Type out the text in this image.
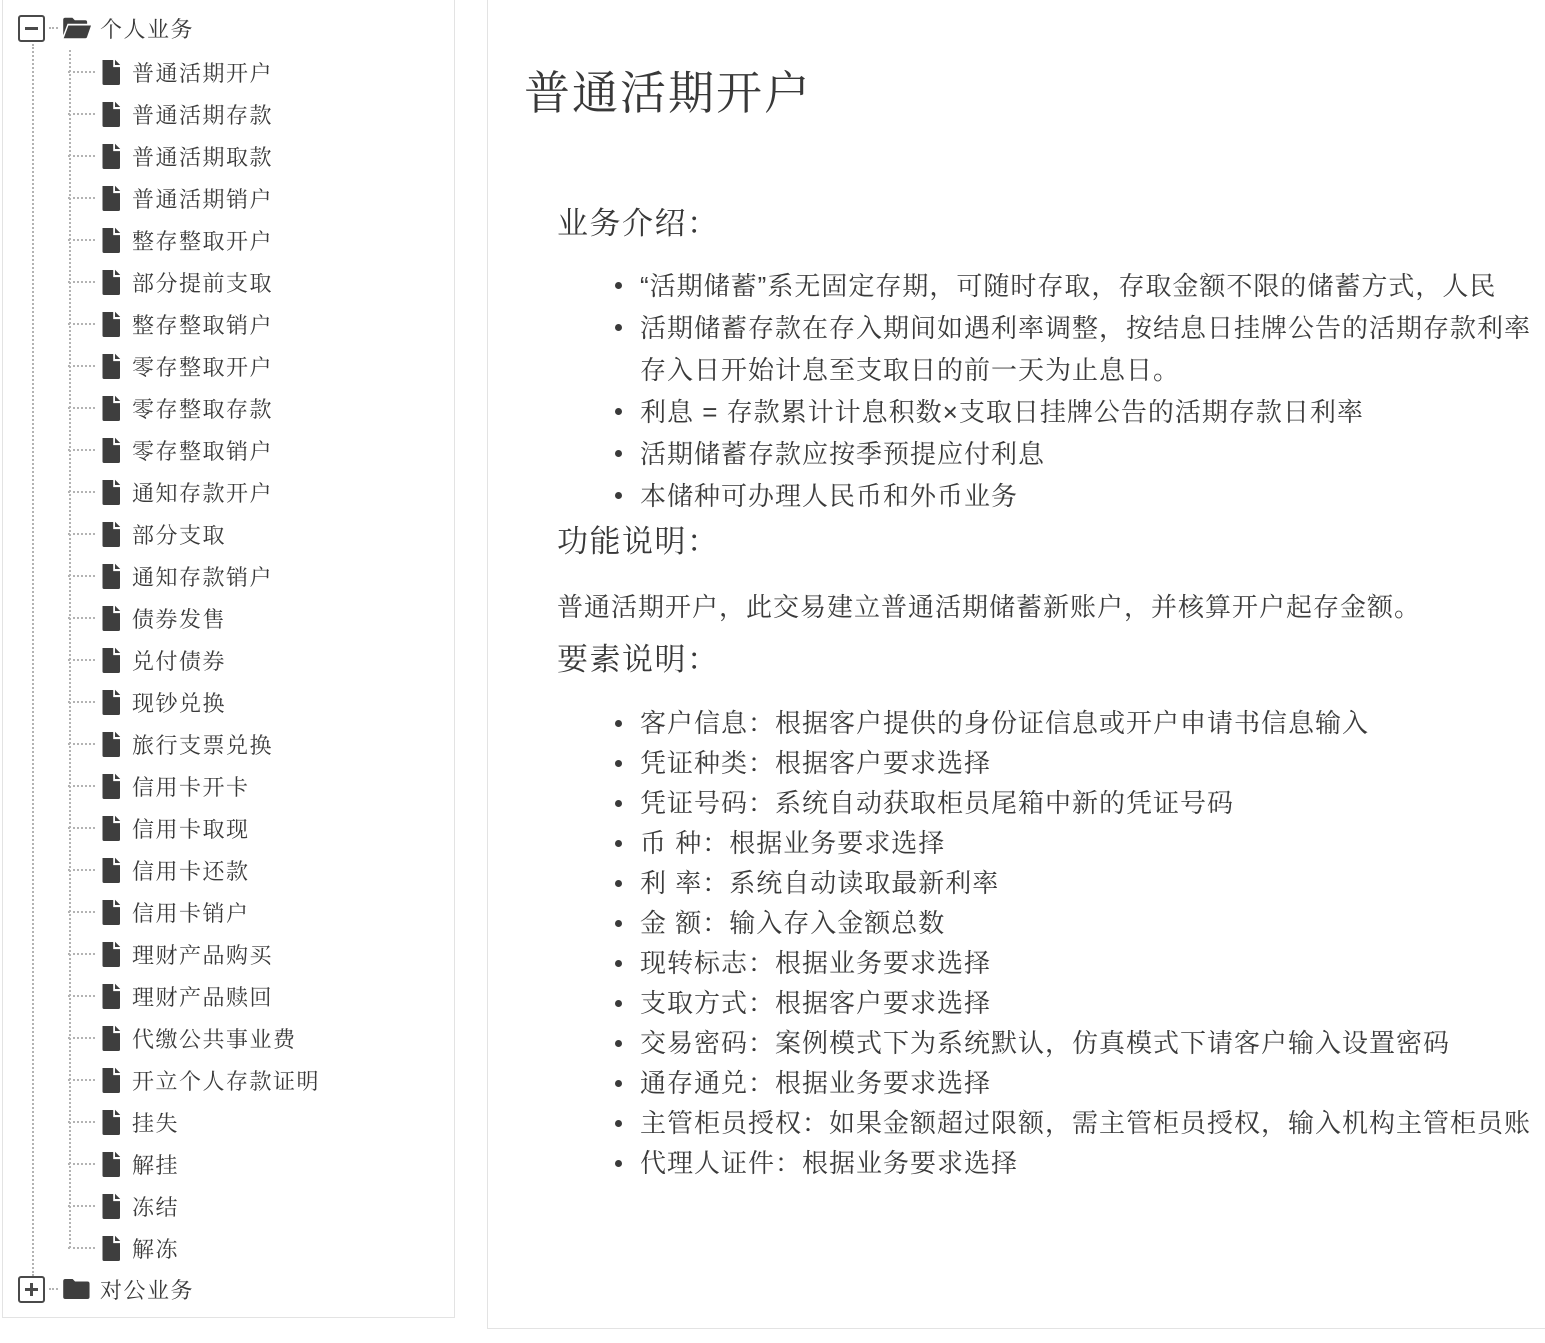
个人业务
普通活期开户
普通活期存款
普通活期取款
普通活期销户
整存整取开户
部分提前支取
整存整取销户
零存整取开户
零存整取存款
零存整取销户
通知存款开户
部分支取
通知存款销户
债券发售
兑付债券
现钞兑换
旅行支票兑换
信用卡开卡
信用卡取现
信用卡还款
信用卡销户
理财产品购买
理财产品赎回
代缴公共事业费
开立个人存款证明
挂失
解挂
冻结
解冻
对公业务
普通活期开户
业务介绍：
“活期储蓄”系无固定存期，可随时存取，存取金额不限的储蓄方式，人民
活期储蓄存款在存入期间如遇利率调整，按结息日挂牌公告的活期存款利率
存入日开始计息至支取日的前一天为止息日。
利息 = 存款累计计息积数×支取日挂牌公告的活期存款日利率
活期储蓄存款应按季预提应付利息
本储种可办理人民币和外币业务
功能说明：

普通活期开户，此交易建立普通活期储蓄新账户，并核算开户起存金额。

要素说明：
客户信息：根据客户提供的身份证信息或开户申请书信息输入
凭证种类：根据客户要求选择
凭证号码：系统自动获取柜员尾箱中新的凭证号码
币 种：根据业务要求选择
利 率：系统自动读取最新利率
金 额：输入存入金额总数
现转标志：根据业务要求选择
支取方式：根据客户要求选择
交易密码：案例模式下为系统默认，仿真模式下请客户输入设置密码
通存通兑：根据业务要求选择
主管柜员授权：如果金额超过限额，需主管柜员授权，输入机构主管柜员账
代理人证件：根据业务要求选择
